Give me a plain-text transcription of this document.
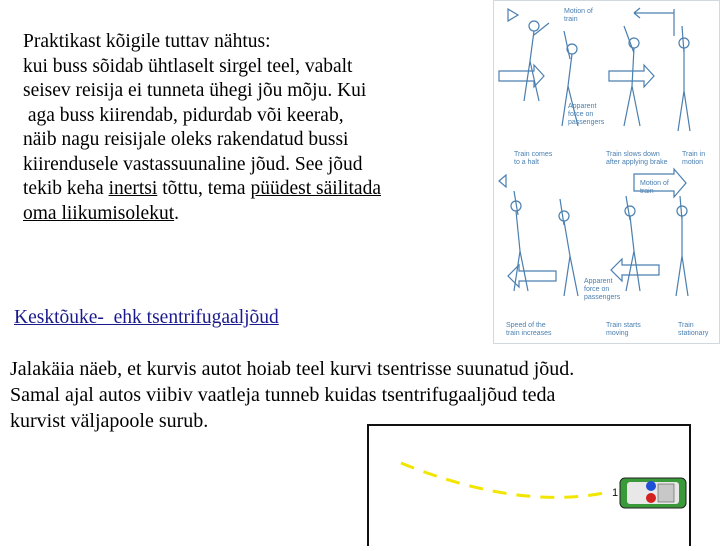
Praktikast kõigile tuttav nähtus:
kui buss sõidab ühtlaselt sirgel teel, vabalt
seisev reisija ei tunneta ühegi jõu mõju. Kui
aga buss kiirendab, pidurdab või keerab,
näib nagu reisijale oleks rakendatud bussi
kiirendusele vastassuunaline jõud. See jõud
tekib keha inertsi tõttu, tema püüdest säilitada
oma liikumisolekut.
Motion of train
Apparent force on passengers
Train comes to a halt
Train slows down after applying brake
Train in motion
Motion of train
Apparent force on passengers
Speed of the train increases
Train starts moving
Train stationary
Kesktõuke-  ehk tsentrifugaaljõud
Jalakäia näeb, et kurvis autot hoiab teel kurvi tsentrisse suunatud jõud.
Samal ajal autos viibiv vaatleja tunneb kuidas tsentrifugaaljõud teda
kurvist väljapoole surub.
1
